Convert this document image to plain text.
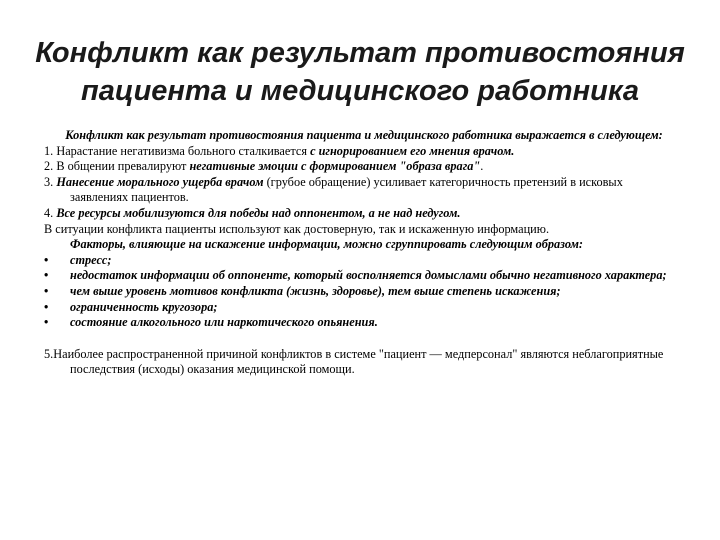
Конфликт как результат противостояния
пациента и медицинского работника
Конфликт как результат противостояния пациента и медицинского работника выражается в следующем:
1. Нарастание негативизма больного сталкивается с игнорированием его мнения врачом.
2. В общении превалируют негативные эмоции с формированием "образа врага".
3. Нанесение морального ущерба врачом (грубое обращение) усиливает категоричность претензий в исковых заявлениях пациентов.
4. Все ресурсы мобилизуются для победы над оппонентом, а не над недугом.
В ситуации конфликта пациенты используют как достоверную, так и искаженную информацию.
Факторы, влияющие на искажение информации, можно сгруппировать следующим образом:
•	стресс;
•	недостаток информации об оппоненте, который восполняется домыслами обычно негативного характера;
•	чем выше уровень мотивов конфликта (жизнь, здоровье), тем выше степень искажения;
•	ограниченность кругозора;
•	состояние алкогольного или наркотического опьянения.
5.Наиболее распространенной причиной конфликтов в системе "пациент — медперсонал" являются неблагоприятные последствия (исходы) оказания медицинской помощи.
